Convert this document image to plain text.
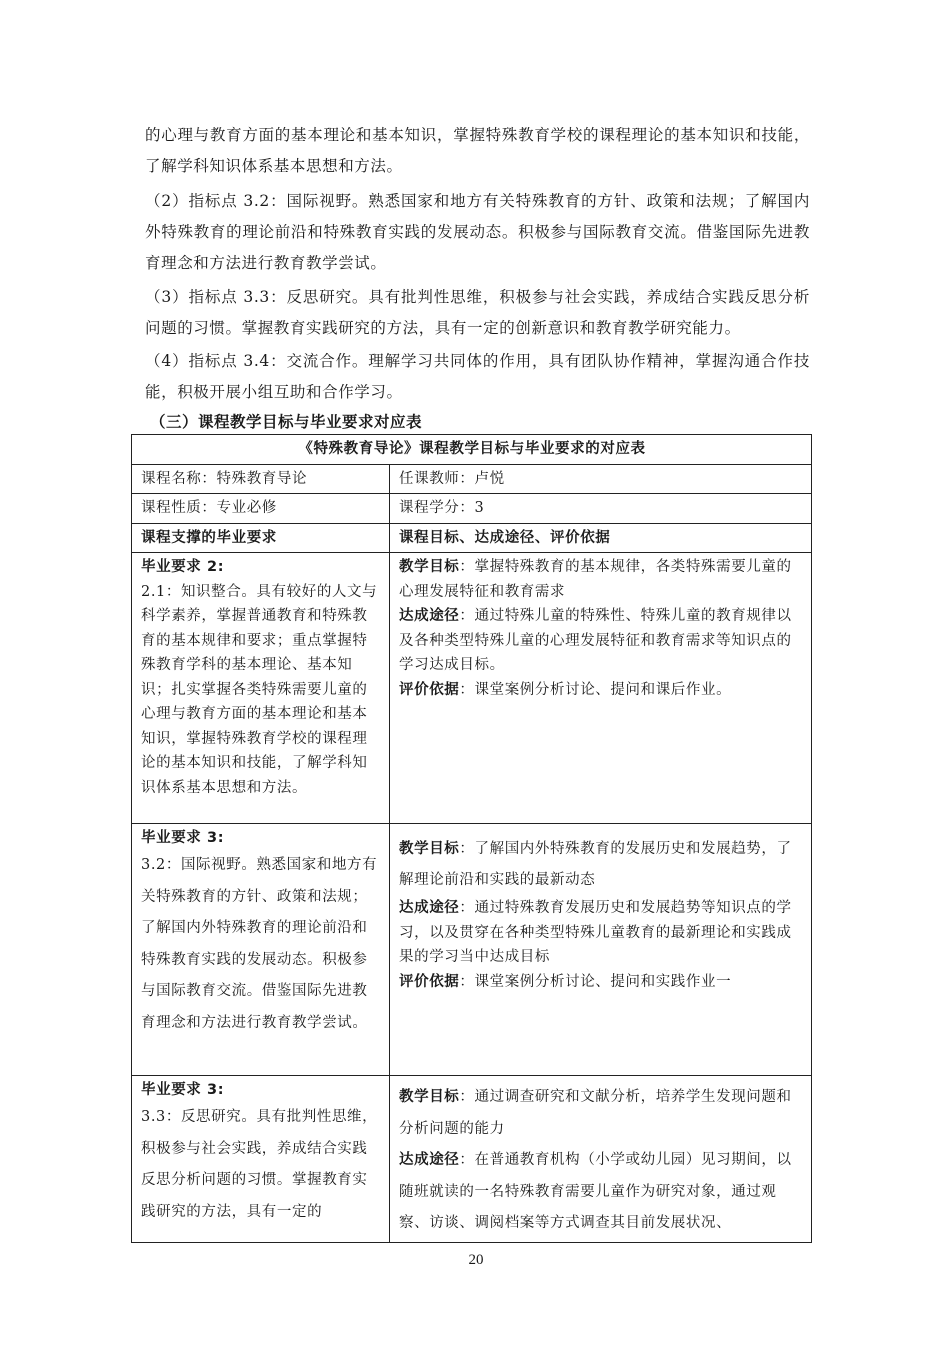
的心理与教育方面的基本理论和基本知识，掌握特殊教育学校的课程理论的基本知识和技能，了解学科知识体系基本思想和方法。

（2）指标点 3.2：国际视野。熟悉国家和地方有关特殊教育的方针、政策和法规；了解国内外特殊教育的理论前沿和特殊教育实践的发展动态。积极参与国际教育交流。借鉴国际先进教育理念和方法进行教育教学尝试。

（3）指标点 3.3：反思研究。具有批判性思维，积极参与社会实践，养成结合实践反思分析问题的习惯。掌握教育实践研究的方法，具有一定的创新意识和教育教学研究能力。

（4）指标点 3.4：交流合作。理解学习共同体的作用，具有团队协作精神，掌握沟通合作技能，积极开展小组互助和合作学习。

（三）课程教学目标与毕业要求对应表
《特殊教育导论》课程教学目标与毕业要求的对应表	
课程名称：特殊教育导论	任课教师：卢悦
课程性质：专业必修	课程学分：3
课程支撑的毕业要求	课程目标、达成途径、评价依据

毕业要求 2:
2.1：知识整合。具有较好的人文与科学素养，掌握普通教育和特殊教育的基本规律和要求；重点掌握特殊教育学科的基本理论、基本知识；扎实掌握各类特殊需要儿童的心理与教育方面的基本理论和基本知识，掌握特殊教育学校的课程理论的基本知识和技能，了解学科知识体系基本思想和方法。	教学目标：掌握特殊教育的基本规律，各类特殊需要儿童的心理发展特征和教育需求
达成途径：通过特殊儿童的特殊性、特殊儿童的教育规律以及各种类型特殊儿童的心理发展特征和教育需求等知识点的学习达成目标。
评价依据：课堂案例分析讨论、提问和课后作业。

毕业要求 3:
3.2：国际视野。熟悉国家和地方有关特殊教育的方针、政策和法规；了解国内外特殊教育的理论前沿和特殊教育实践的发展动态。积极参与国际教育交流。借鉴国际先进教育理念和方法进行教育教学尝试。	教学目标：了解国内外特殊教育的发展历史和发展趋势，了解理论前沿和实践的最新动态
达成途径：通过特殊教育发展历史和发展趋势等知识点的学习，以及贯穿在各种类型特殊儿童教育的最新理论和实践成果的学习当中达成目标
评价依据：课堂案例分析讨论、提问和实践作业一

毕业要求 3:
3.3：反思研究。具有批判性思维，积极参与社会实践，养成结合实践反思分析问题的习惯。掌握教育实践研究的方法，具有一定的	教学目标：通过调查研究和文献分析，培养学生发现问题和分析问题的能力
达成途径：在普通教育机构（小学或幼儿园）见习期间，以随班就读的一名特殊教育需要儿童作为研究对象，通过观察、访谈、调阅档案等方式调查其目前发展状况、
20
